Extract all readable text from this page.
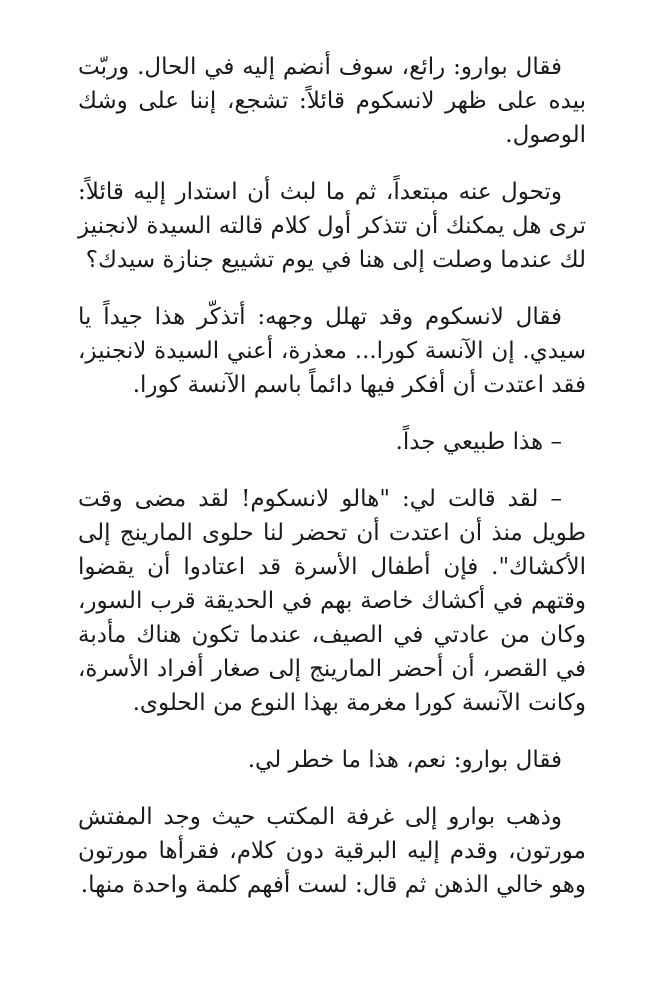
فقال بوارو: رائع، سوف أنضم إليه في الحال. وربّت بيده على ظهر لانسكوم قائلاً: تشجع، إننا على وشك الوصول.

وتحول عنه مبتعداً، ثم ما لبث أن استدار إليه قائلاً: ترى هل يمكنك أن تتذكر أول كلام قالته السيدة لانجنيز لك عندما وصلت إلى هنا في يوم تشييع جنازة سيدك؟

فقال لانسكوم وقد تهلل وجهه: أتذكّر هذا جيداً يا سيدي. إن الآنسة كورا... معذرة، أعني السيدة لانجنيز، فقد اعتدت أن أفكر فيها دائماً باسم الآنسة كورا.

– هذا طبيعي جداً.

– لقد قالت لي: "هالو لانسكوم! لقد مضى وقت طويل منذ أن اعتدت أن تحضر لنا حلوى المارينج إلى الأكشاك". فإن أطفال الأسرة قد اعتادوا أن يقضوا وقتهم في أكشاك خاصة بهم في الحديقة قرب السور، وكان من عادتي في الصيف، عندما تكون هناك مأدبة في القصر، أن أحضر المارينج إلى صغار أفراد الأسرة، وكانت الآنسة كورا مغرمة بهذا النوع من الحلوى.

فقال بوارو: نعم، هذا ما خطر لي.

وذهب بوارو إلى غرفة المكتب حيث وجد المفتش مورتون، وقدم إليه البرقية دون كلام، فقرأها مورتون وهو خالي الذهن ثم قال: لست أفهم كلمة واحدة منها.
